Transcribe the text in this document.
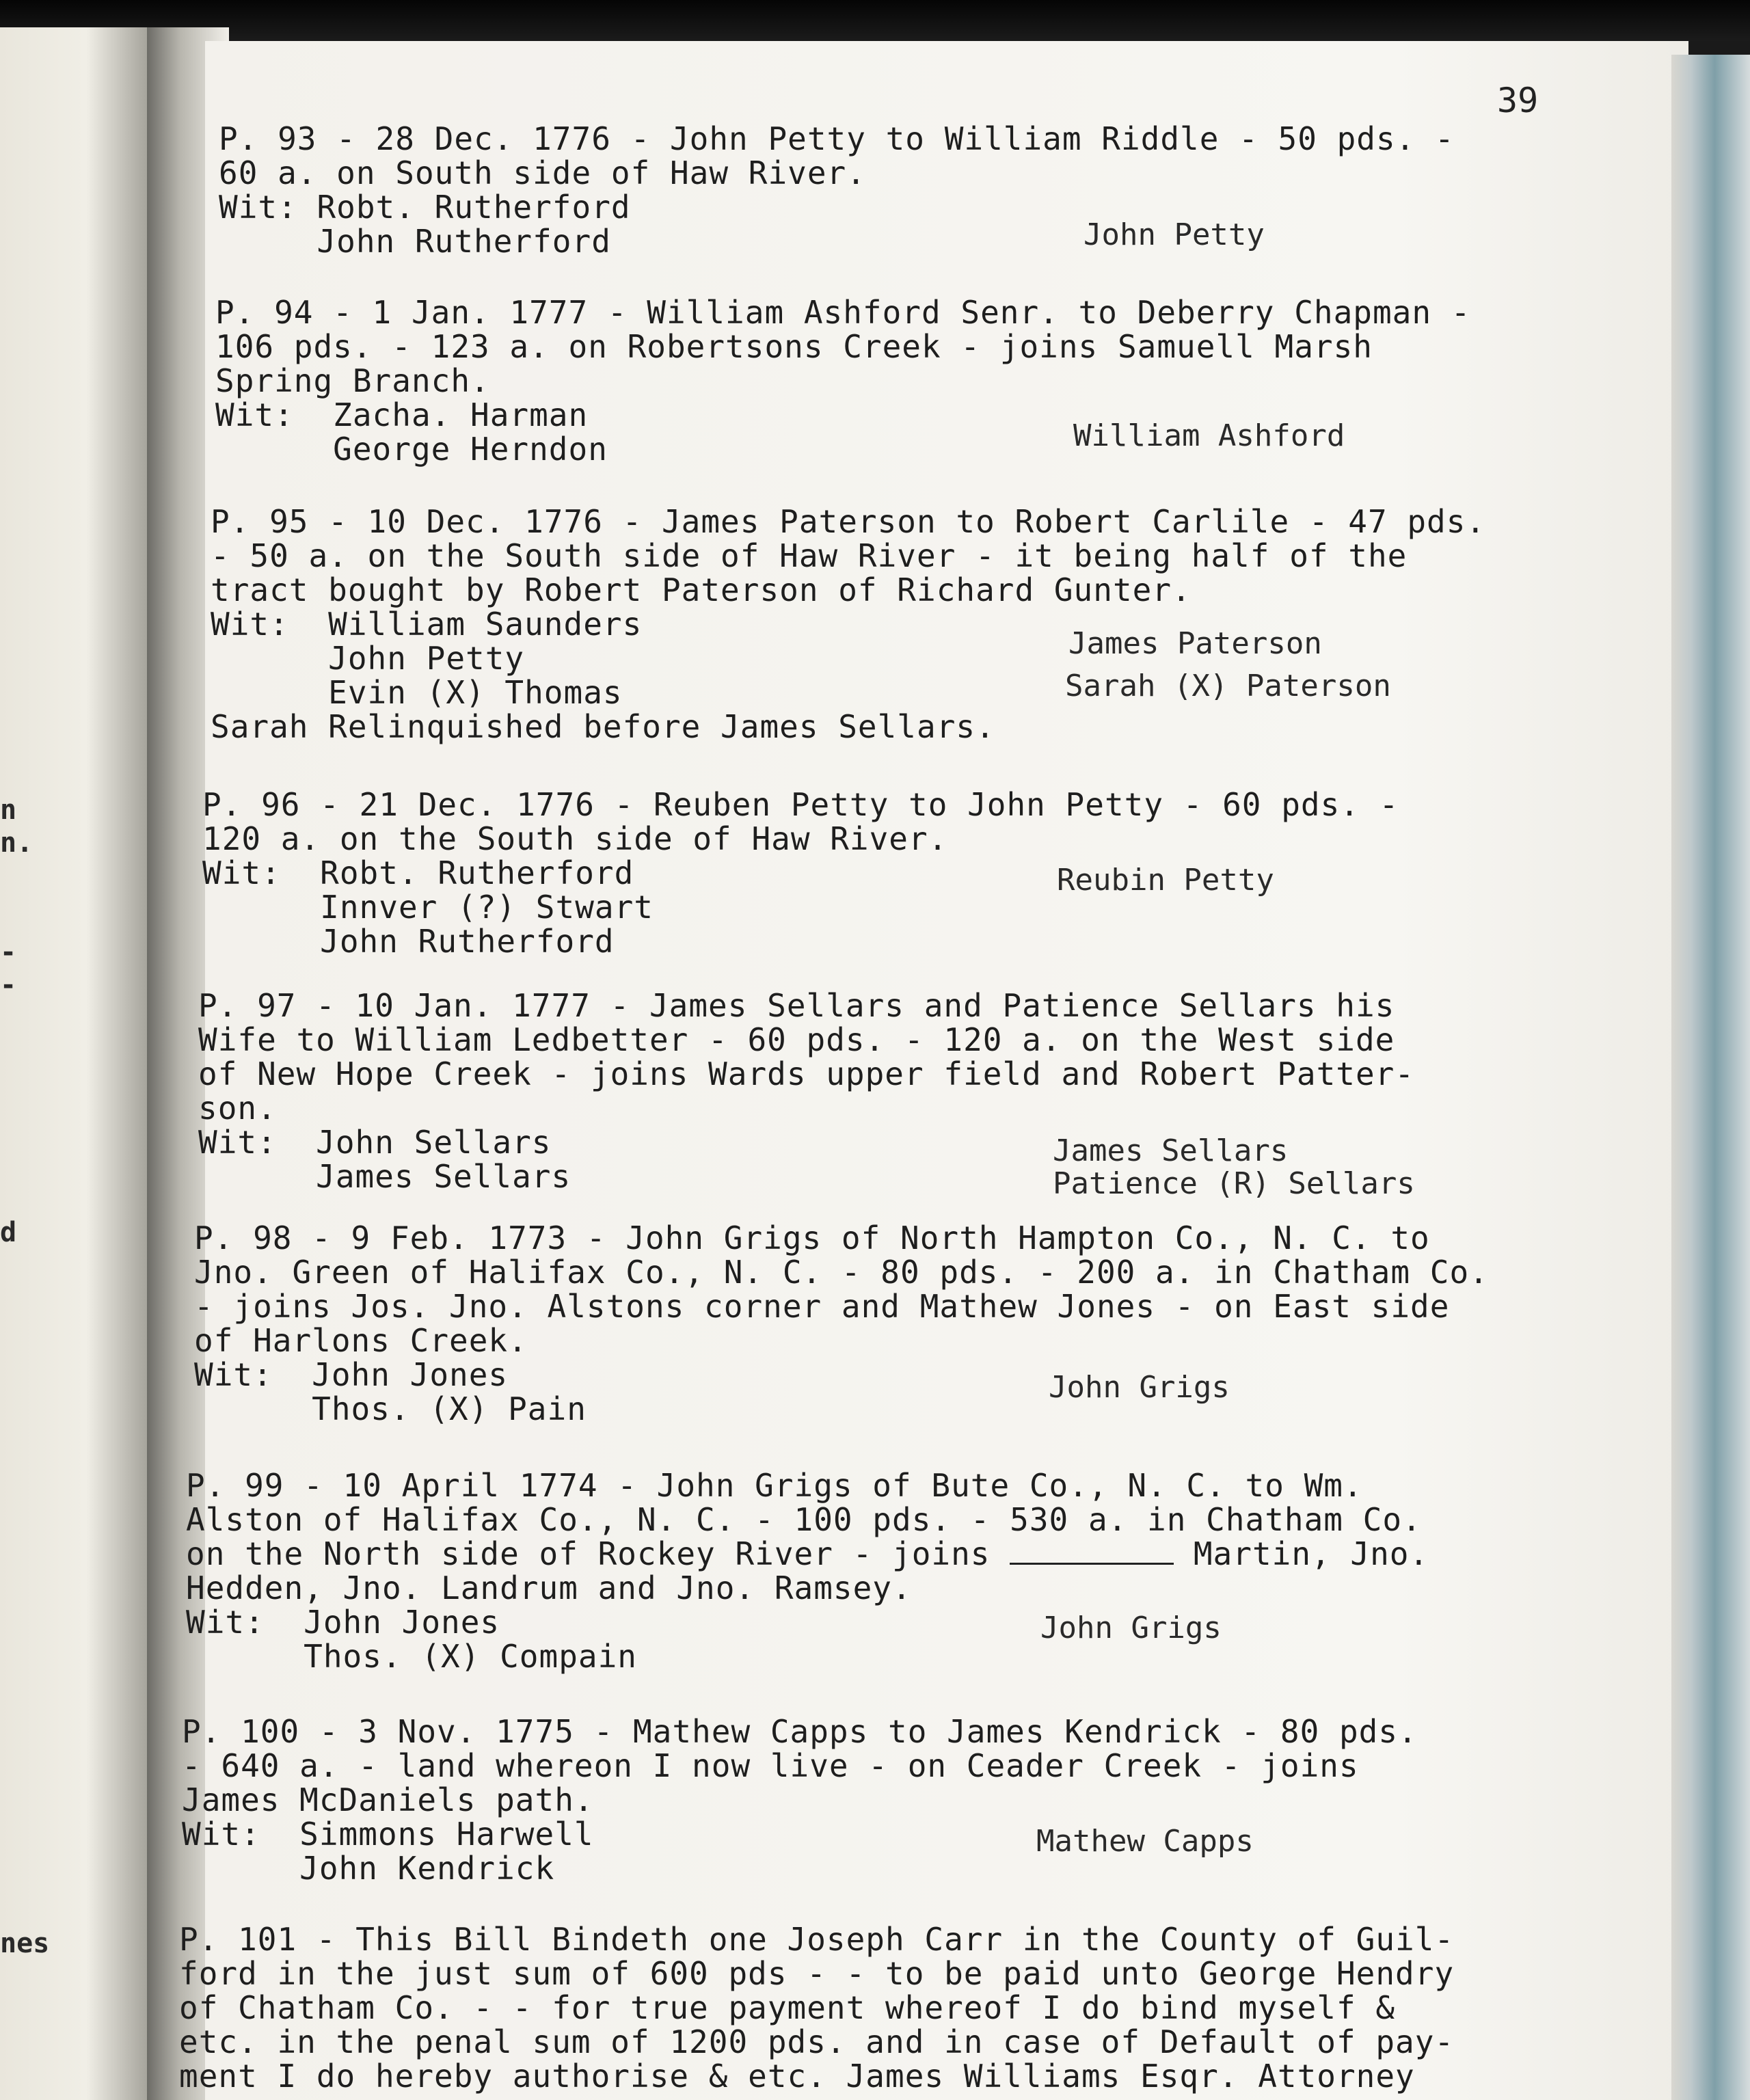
n
n.
-
-
d
nes
39
P. 93 - 28 Dec. 1776 - John Petty to William Riddle - 50 pds. -
60 a. on South side of Haw River.
Wit: Robt. Rutherford
John Rutherford	John Petty
P. 94 - 1 Jan. 1777 - William Ashford Senr. to Deberry Chapman -
106 pds. - 123 a. on Robertsons Creek - joins Samuell Marsh
Spring Branch.
Wit:  Zacha. Harman
George Herndon	William Ashford
P. 95 - 10 Dec. 1776 - James Paterson to Robert Carlile - 47 pds.
- 50 a. on the South side of Haw River - it being half of the
tract bought by Robert Paterson of Richard Gunter.
Wit:  William Saunders
John Petty
Evin (X) Thomas
Sarah Relinquished before James Sellars.
James Paterson
Sarah (X) Paterson
P. 96 - 21 Dec. 1776 - Reuben Petty to John Petty - 60 pds. -
120 a. on the South side of Haw River.
Wit:  Robt. Rutherford
Innver (?) Stwart
John Rutherford
Reubin Petty
P. 97 - 10 Jan. 1777 - James Sellars and Patience Sellars his
Wife to William Ledbetter - 60 pds. - 120 a. on the West side
of New Hope Creek - joins Wards upper field and Robert Patter-
son.
Wit:  John Sellars
James Sellars
James Sellars
Patience (R) Sellars
P. 98 - 9 Feb. 1773 - John Grigs of North Hampton Co., N. C. to
Jno. Green of Halifax Co., N. C. - 80 pds. - 200 a. in Chatham Co.
- joins Jos. Jno. Alstons corner and Mathew Jones - on East side
of Harlons Creek.
Wit:  John Jones
Thos. (X) Pain
John Grigs
P. 99 - 10 April 1774 - John Grigs of Bute Co., N. C. to Wm.
Alston of Halifax Co., N. C. - 100 pds. - 530 a. in Chatham Co.
on the North side of Rockey River - joins	Martin, Jno.
Hedden, Jno. Landrum and Jno. Ramsey.
Wit:  John Jones
Thos. (X) Compain
John Grigs
P. 100 - 3 Nov. 1775 - Mathew Capps to James Kendrick - 80 pds.
- 640 a. - land whereon I now live - on Ceader Creek - joins
James McDaniels path.
Wit:  Simmons Harwell
John Kendrick
Mathew Capps
P. 101 - This Bill Bindeth one Joseph Carr in the County of Guil-
ford in the just sum of 600 pds - - to be paid unto George Hendry
of Chatham Co. - - for true payment whereof I do bind myself &
etc. in the penal sum of 1200 pds. and in case of Default of pay-
ment I do hereby authorise & etc. James Williams Esqr. Attorney
